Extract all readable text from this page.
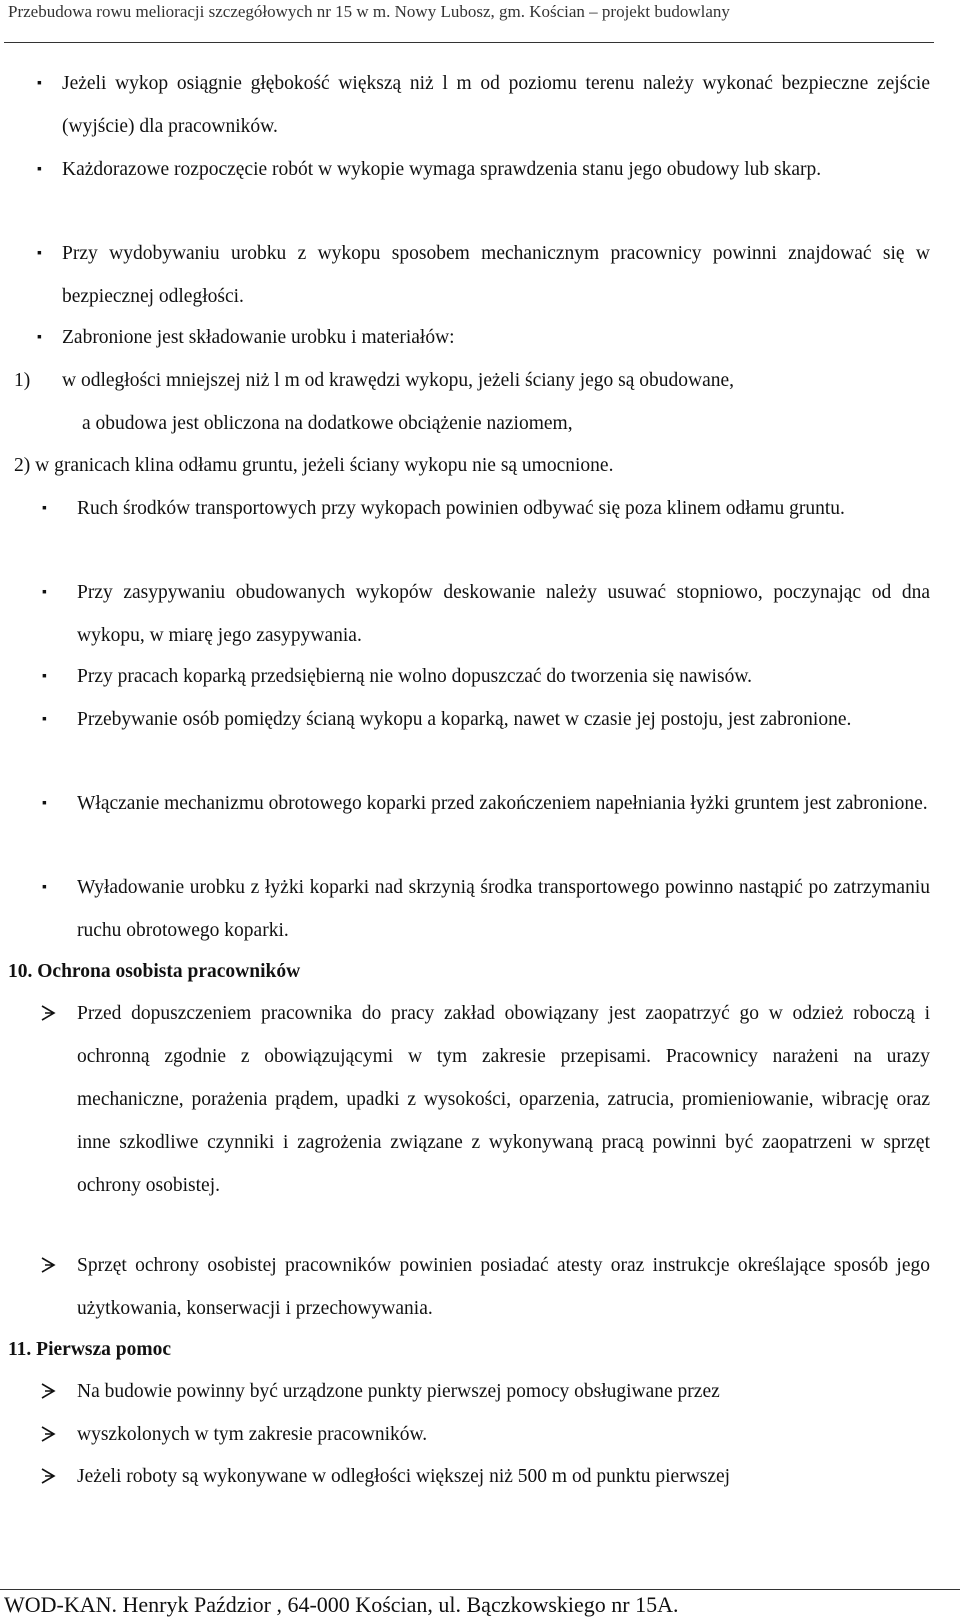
Przebudowa rowu melioracji szczegółowych nr 15 w m. Nowy Lubosz, gm. Kościan – projekt budowlany
▪ Jeżeli wykop osiągnie głębokość większą niż l m od poziomu terenu należy wykonać bezpieczne zejście (wyjście) dla pracowników.
▪	Każdorazowe rozpoczęcie robót w wykopie wymaga sprawdzenia stanu jego obudowy lub skarp.
▪ Przy wydobywaniu urobku z wykopu sposobem mechanicznym pracownicy powinni znajdować się w bezpiecznej odległości.
▪ Zabronione jest składowanie urobku i materiałów:
1) w odległości mniejszej niż l m od krawędzi wykopu, jeżeli ściany jego są obudowane,
a obudowa jest obliczona na dodatkowe obciążenie naziomem,
2) w granicach klina odłamu gruntu, jeżeli ściany wykopu nie są umocnione.
▪ Ruch środków transportowych przy wykopach powinien odbywać się poza klinem odłamu gruntu.
▪ Przy zasypywaniu obudowanych wykopów deskowanie należy usuwać stopniowo, poczynając od dna wykopu, w miarę jego zasypywania.
▪ Przy pracach koparką przedsiębierną nie wolno dopuszczać do tworzenia się nawisów.
▪ Przebywanie osób pomiędzy ścianą wykopu a koparką, nawet w czasie jej postoju, jest zabronione.
▪ Włączanie mechanizmu obrotowego koparki przed zakończeniem napełniania łyżki gruntem jest zabronione.
▪ Wyładowanie urobku z łyżki koparki nad skrzynią środka transportowego powinno nastąpić po zatrzymaniu ruchu obrotowego koparki.
10. Ochrona osobista pracowników
Przed dopuszczeniem pracownika do pracy zakład obowiązany jest zaopatrzyć go w odzież roboczą i ochronną zgodnie z obowiązującymi w tym zakresie przepisami. Pracownicy narażeni na urazy mechaniczne, porażenia prądem, upadki z wysokości, oparzenia, zatrucia, promieniowanie, wibrację oraz inne szkodliwe czynniki i zagrożenia związane z wykonywaną pracą powinni być zaopatrzeni w sprzęt ochrony osobistej.
Sprzęt ochrony osobistej pracowników powinien posiadać atesty oraz instrukcje określające sposób jego użytkowania, konserwacji i przechowywania.
11. Pierwsza pomoc
Na budowie powinny być urządzone punkty pierwszej pomocy obsługiwane przez
wyszkolonych w tym zakresie pracowników.
Jeżeli roboty są wykonywane w odległości większej niż 500 m od punktu pierwszej
WOD-KAN. Henryk Paździor , 64-000 Kościan, ul. Bączkowskiego nr 15A.
